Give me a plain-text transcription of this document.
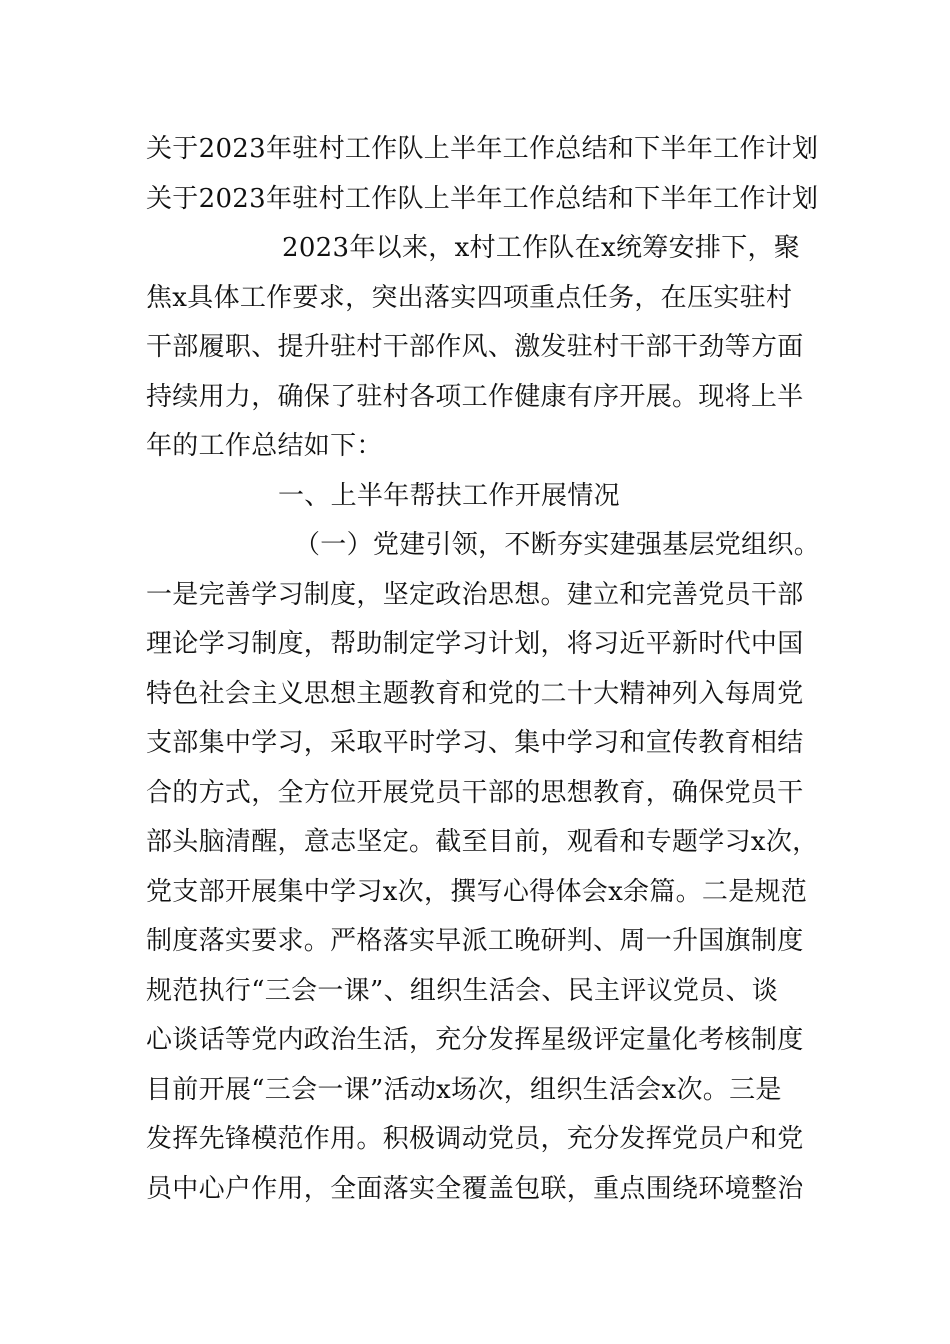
关于2023年驻村工作队上半年工作总结和下半年工作计划
关于2023年驻村工作队上半年工作总结和下半年工作计划
2023年以来，x村工作队在x统筹安排下，聚
焦x具体工作要求，突出落实四项重点任务，在压实驻村
干部履职、提升驻村干部作风、激发驻村干部干劲等方面
持续用力，确保了驻村各项工作健康有序开展。现将上半
年的工作总结如下：
一、上半年帮扶工作开展情况
（一）党建引领，不断夯实建强基层党组织。
一是完善学习制度，坚定政治思想。建立和完善党员干部
理论学习制度，帮助制定学习计划，将习近平新时代中国
特色社会主义思想主题教育和党的二十大精神列入每周党
支部集中学习，采取平时学习、集中学习和宣传教育相结
合的方式，全方位开展党员干部的思想教育，确保党员干
部头脑清醒，意志坚定。截至目前，观看和专题学习x次，
党支部开展集中学习x次，撰写心得体会x余篇。二是规范
制度落实要求。严格落实早派工晚研判、周一升国旗制度
规范执行“三会一课”、组织生活会、民主评议党员、谈
心谈话等党内政治生活，充分发挥星级评定量化考核制度
目前开展“三会一课”活动x场次，组织生活会x次。三是
发挥先锋模范作用。积极调动党员，充分发挥党员户和党
员中心户作用，全面落实全覆盖包联，重点围绕环境整治
